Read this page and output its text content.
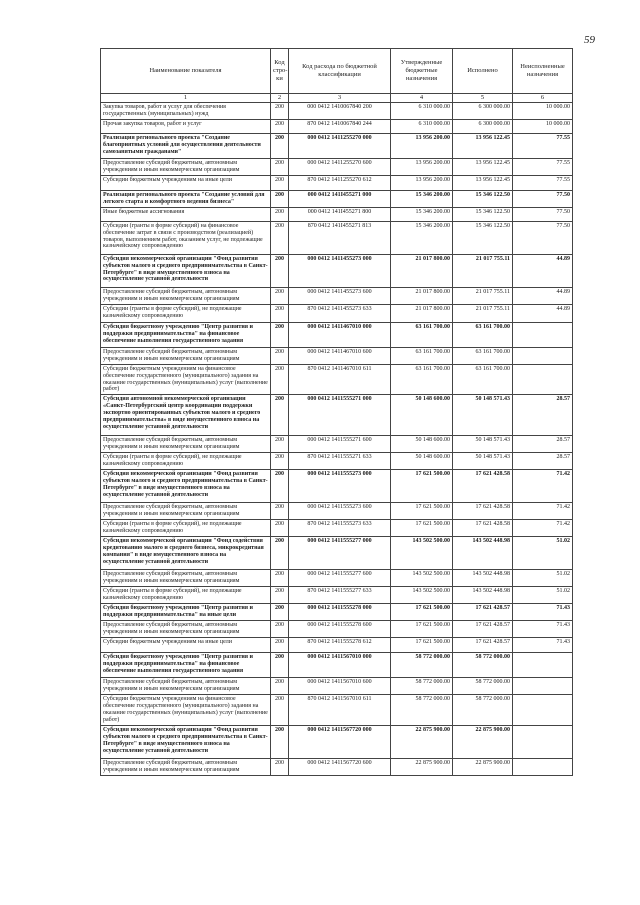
59
Наименование показателя	Код стро-ки	Код расхода по бюджетной классификации	Утвержденные бюджетные назначения	Исполнено	Неисполненные назначения
1	2	3	4	5	6
Закупка товаров, работ и услуг для обеспечения государственных (муниципальных) нужд	200	000 0412 1410067840 200	6 310 000.00	6 300 000.00	10 000.00
Прочая закупка товаров, работ и услуг	200	870 0412 1410067840 244	6 310 000.00	6 300 000.00	10 000.00
Реализация регионального проекта "Создание благоприятных условий для осуществления деятельности самозанятыми гражданами"	200	000 0412 1411255270 000	13 956 200.00	13 956 122.45	77.55
Предоставление субсидий бюджетным, автономным учреждениям и иным некоммерческим организациям	200	000 0412 1411255270 600	13 956 200.00	13 956 122.45	77.55
Субсидии бюджетным учреждениям на иные цели	200	870 0412 1411255270 612	13 956 200.00	13 956 122.45	77.55
Реализация регионального проекта "Создание условий для легкого старта и комфортного ведения бизнеса"	200	000 0412 141I455271 000	15 346 200.00	15 346 122.50	77.50
Иные бюджетные ассигнования	200	000 0412 141I455271 800	15 346 200.00	15 346 122.50	77.50
Субсидии (гранты в форме субсидий) на финансовое обеспечение затрат в связи с производством (реализацией) товаров, выполнением работ, оказанием услуг, не подлежащие казначейскому сопровождению	200	870 0412 141I455271 813	15 346 200.00	15 346 122.50	77.50
Субсидия некоммерческой организации "Фонд развития субъектов малого и среднего предпринимательства в Санкт-Петербурге" в виде имущественного взноса на осуществление уставной деятельности	200	000 0412 1411455273 000	21 017 800.00	21 017 755.11	44.89
Предоставление субсидий бюджетным, автономным учреждениям и иным некоммерческим организациям	200	000 0412 1411455273 600	21 017 800.00	21 017 755.11	44.89
Субсидии (гранты в форме субсидий), не подлежащие казначейскому сопровождению	200	870 0412 1411455273 633	21 017 800.00	21 017 755.11	44.89
Субсидия бюджетному учреждению "Центр развития и поддержки предпринимательства" на финансовое обеспечение выполнения государственного задания	200	000 0412 1411467010 000	63 161 700.00	63 161 700.00	
Предоставление субсидий бюджетным, автономным учреждениям и иным некоммерческим организациям	200	000 0412 1411467010 600	63 161 700.00	63 161 700.00	
Субсидии бюджетным учреждениям на финансовое обеспечение государственного (муниципального) задания на оказание государственных (муниципальных) услуг (выполнение работ)	200	870 0412 1411467010 611	63 161 700.00	63 161 700.00	
Субсидия автономной некоммерческой организации «Санкт-Петербургский центр координации поддержки экспортно ориентированных субъектов малого и среднего предпринимательства» в виде имущественного взноса на осуществление уставной деятельности	200	000 0412 1411555271 000	50 148 600.00	50 148 571.43	28.57
Предоставление субсидий бюджетным, автономным учреждениям и иным некоммерческим организациям	200	000 0412 1411555271 600	50 148 600.00	50 148 571.43	28.57
Субсидии (гранты в форме субсидий), не подлежащие казначейскому сопровождению	200	870 0412 1411555271 633	50 148 600.00	50 148 571.43	28.57
Субсидия некоммерческой организации "Фонд развития субъектов малого и среднего предпринимательства в Санкт-Петербурге" в виде имущественного взноса на осуществление уставной деятельности	200	000 0412 1411555273 000	17 621 500.00	17 621 428.58	71.42
Предоставление субсидий бюджетным, автономным учреждениям и иным некоммерческим организациям	200	000 0412 1411555273 600	17 621 500.00	17 621 428.58	71.42
Субсидии (гранты в форме субсидий), не подлежащие казначейскому сопровождению	200	870 0412 1411555273 633	17 621 500.00	17 621 428.58	71.42
Субсидия некоммерческой организации "Фонд содействия кредитованию малого и среднего бизнеса, микрокредитная компания" в виде имущественного взноса на осуществление уставной деятельности	200	000 0412 1411555277 000	143 502 500.00	143 502 448.98	51.02
Предоставление субсидий бюджетным, автономным учреждениям и иным некоммерческим организациям	200	000 0412 1411555277 600	143 502 500.00	143 502 448.98	51.02
Субсидии (гранты в форме субсидий), не подлежащие казначейскому сопровождению	200	870 0412 1411555277 633	143 502 500.00	143 502 448.98	51.02
Субсидия бюджетному учреждению "Центр развития и поддержки предпринимательства" на иные цели	200	000 0412 1411555278 000	17 621 500.00	17 621 428.57	71.43
Предоставление субсидий бюджетным, автономным учреждениям и иным некоммерческим организациям	200	000 0412 1411555278 600	17 621 500.00	17 621 428.57	71.43
Субсидии бюджетным учреждениям на иные цели	200	870 0412 1411555278 612	17 621 500.00	17 621 428.57	71.43
Субсидия бюджетному учреждению "Центр развития и поддержки предпринимательства" на финансовое обеспечение выполнения государственного задания	200	000 0412 1411567010 000	58 772 000.00	58 772 000.00	
Предоставление субсидий бюджетным, автономным учреждениям и иным некоммерческим организациям	200	000 0412 1411567010 600	58 772 000.00	58 772 000.00	
Субсидии бюджетным учреждениям на финансовое обеспечение государственного (муниципального) задания на оказание государственных (муниципальных) услуг (выполнение работ)	200	870 0412 1411567010 611	58 772 000.00	58 772 000.00	
Субсидия некоммерческой организации "Фонд развития субъектов малого и среднего предпринимательства в Санкт-Петербурге" в виде имущественного взноса на осуществление уставной деятельности	200	000 0412 1411567720 000	22 875 900.00	22 875 900.00	
Предоставление субсидий бюджетным, автономным учреждениям и иным некоммерческим организациям	200	000 0412 1411567720 600	22 875 900.00	22 875 900.00	
